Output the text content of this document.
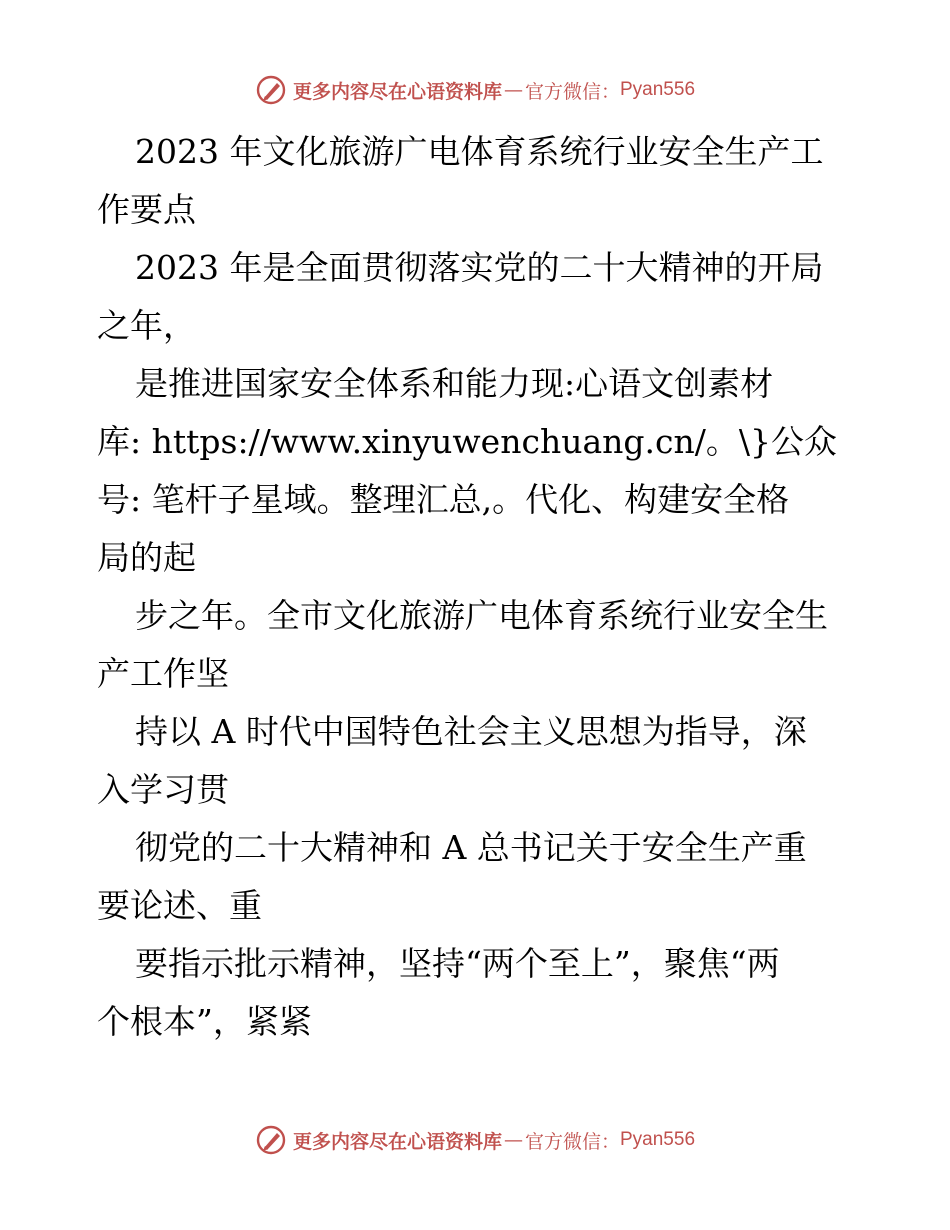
更多内容尽在心语资料库 — 官方微信： Pyan556
2023 年文化旅游广电体育系统行业安全生产工
作要点
2023 年是全面贯彻落实党的二十大精神的开局
之年，
是推进国家安全体系和能力现:心语文创素材
库: https://www.xinyuwenchuang.cn/。\}公众
号: 笔杆子星域。整理汇总,。代化、构建安全格
局的起
步之年。全市文化旅游广电体育系统行业安全生
产工作坚
持以 A 时代中国特色社会主义思想为指导，深
入学习贯
彻党的二十大精神和 A 总书记关于安全生产重
要论述、重
要指示批示精神，坚持“两个至上”，聚焦“两
个根本”，紧紧
更多内容尽在心语资料库 — 官方微信： Pyan556
